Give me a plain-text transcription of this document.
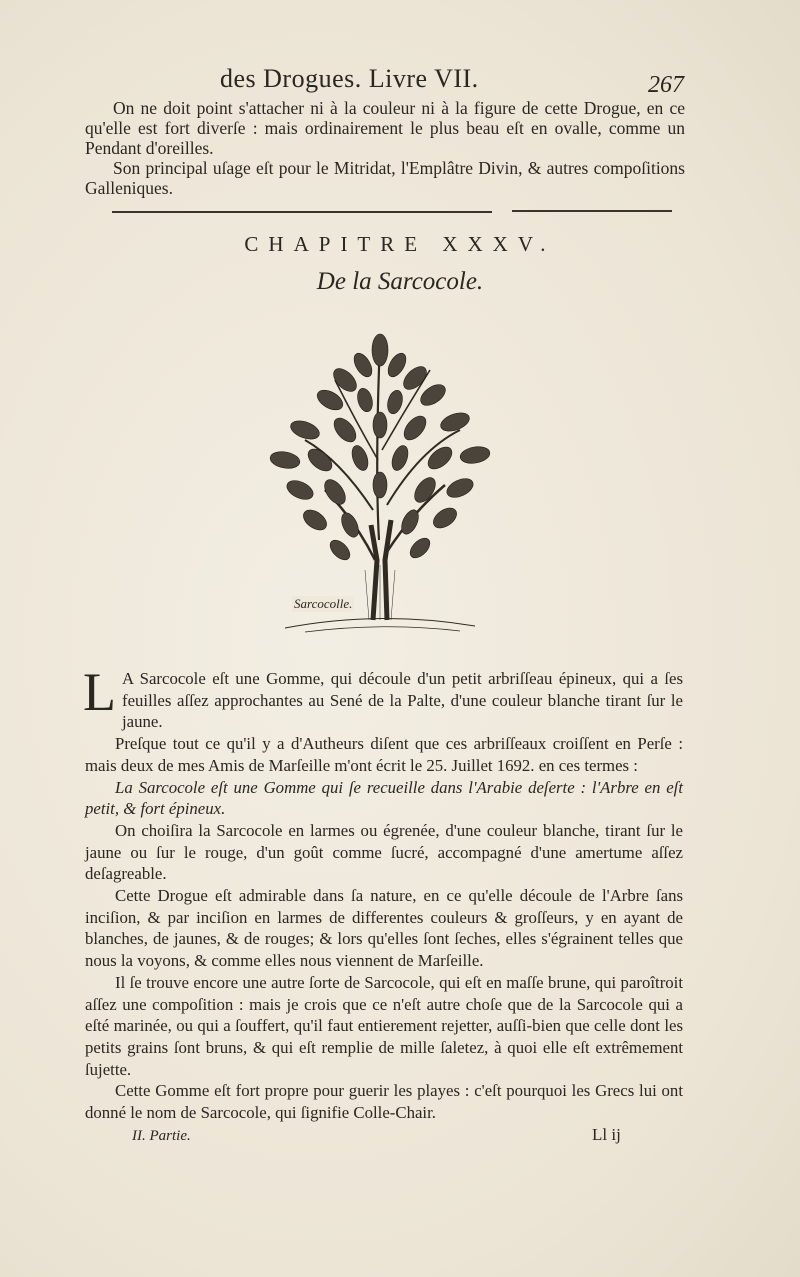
des Drogues. Livre VII.	267

On ne doit point s'attacher ni à la couleur ni à la figure de cette Drogue, en ce qu'elle est fort diverſe : mais ordinairement le plus beau eſt en ovalle, comme un Pendant d'oreilles.

Son principal uſage eſt pour le Mitridat, l'Emplâtre Divin, & autres compoſitions Galleniques.

CHAPITRE XXXV.
De la Sarcocole.
Sarcocolle.

L A Sarcocole eſt une Gomme, qui découle d'un petit arbriſſeau épineux, qui a ſes feuilles aſſez approchantes au Sené de la Palte, d'une couleur blanche tirant ſur le jaune.

Preſque tout ce qu'il y a d'Autheurs diſent que ces arbriſſeaux croiſſent en Perſe : mais deux de mes Amis de Marſeille m'ont écrit le 25. Juillet 1692. en ces termes :

La Sarcocole eſt une Gomme qui ſe recueille dans l'Arabie deſerte : l'Arbre en eſt petit, & fort épineux.

On choiſira la Sarcocole en larmes ou égrenée, d'une couleur blanche, tirant ſur le jaune ou ſur le rouge, d'un goût comme ſucré, accompagné d'une amertume aſſez deſagreable.

Cette Drogue eſt admirable dans ſa nature, en ce qu'elle découle de l'Arbre ſans inciſion, & par inciſion en larmes de differentes couleurs & groſſeurs, y en ayant de blanches, de jaunes, & de rouges; & lors qu'elles ſont ſeches, elles s'égrainent telles que nous la voyons, & comme elles nous viennent de Marſeille.

Il ſe trouve encore une autre ſorte de Sarcocole, qui eſt en maſſe brune, qui paroîtroit aſſez une compoſition : mais je crois que ce n'eſt autre choſe que de la Sarcocole qui a eſté marinée, ou qui a ſouffert, qu'il faut entierement rejetter, auſſi-bien que celle dont les petits grains ſont bruns, & qui eſt remplie de mille ſaletez, à quoi elle eſt extrêmement ſujette.

Cette Gomme eſt fort propre pour guerir les playes : c'eſt pourquoi les Grecs lui ont donné le nom de Sarcocole, qui ſignifie Colle-Chair.

II. Partie.	Ll ij
